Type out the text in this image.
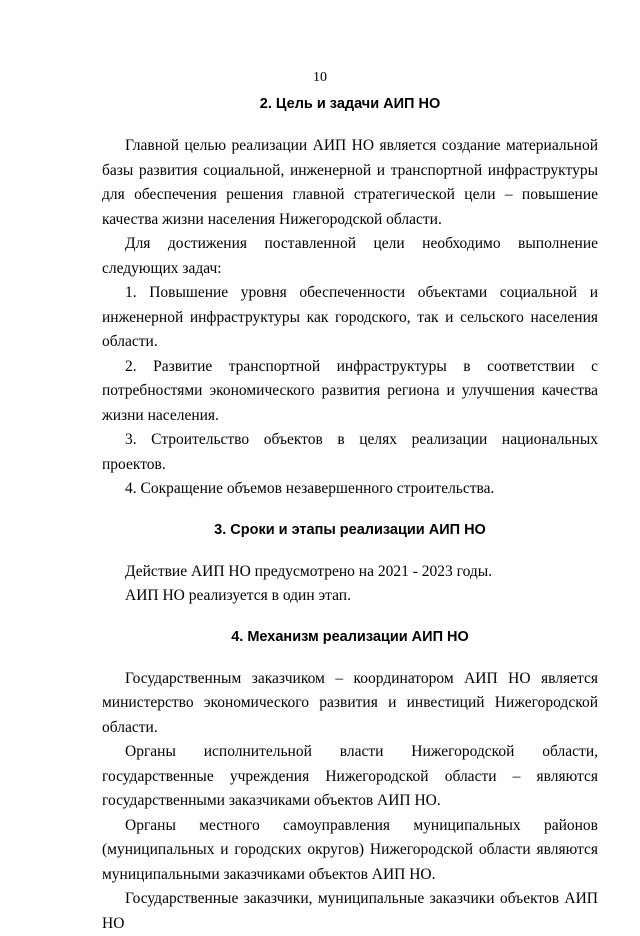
10
2. Цель и задачи АИП НО

Главной целью реализации АИП НО является создание материальной базы развития социальной, инженерной и транспортной инфраструктуры для обеспечения решения главной стратегической цели – повышение качества жизни населения Нижегородской области.

Для достижения поставленной цели необходимо выполнение следующих задач:

1. Повышение уровня обеспеченности объектами социальной и инженерной инфраструктуры как городского, так и сельского населения области.

2. Развитие транспортной инфраструктуры в соответствии с потребностями экономического развития региона и улучшения качества жизни населения.

3. Строительство объектов в целях реализации национальных проектов.

4. Сокращение объемов незавершенного строительства.

3. Сроки и этапы реализации АИП НО

Действие АИП НО предусмотрено на 2021 - 2023 годы.

АИП НО реализуется в один этап.

4. Механизм реализации АИП НО

Государственным заказчиком – координатором АИП НО является министерство экономического развития и инвестиций Нижегородской области.

Органы исполнительной власти Нижегородской области, государственные учреждения Нижегородской области – являются государственными заказчиками объектов АИП НО.

Органы местного самоуправления муниципальных районов (муниципальных и городских округов) Нижегородской области являются муниципальными заказчиками объектов АИП НО.

Государственные заказчики, муниципальные заказчики объектов АИП НО
